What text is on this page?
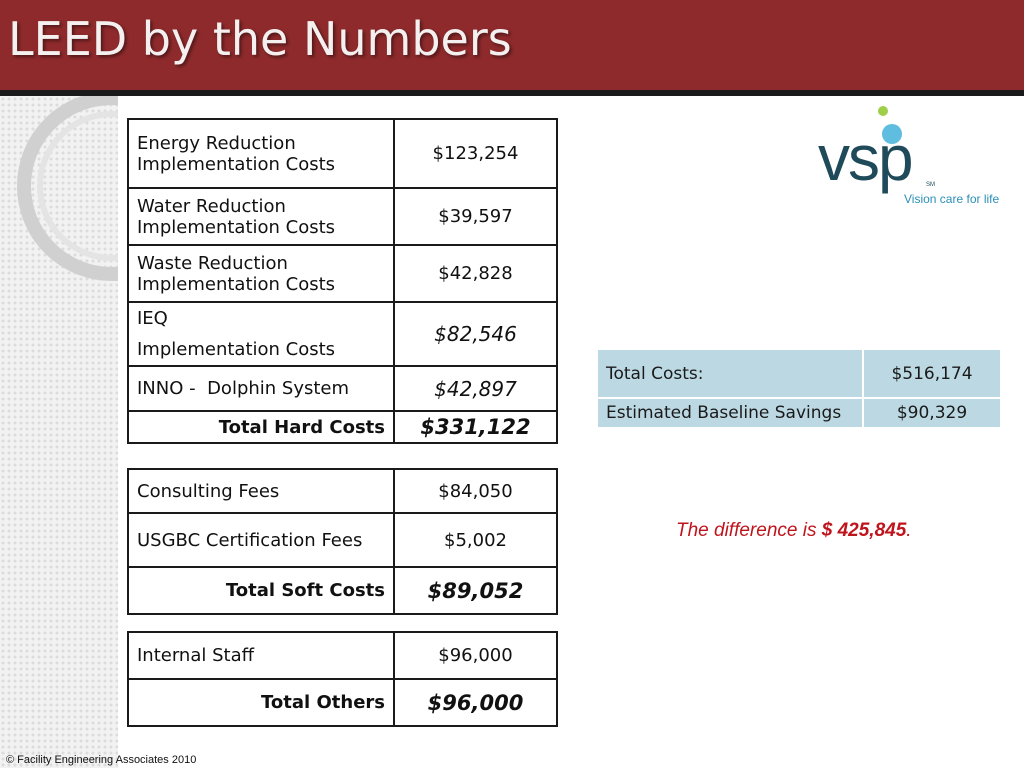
LEED by the Numbers
Energy Reduction Implementation Costs	$123,254
Water Reduction Implementation Costs	$39,597
Waste Reduction Implementation Costs	$42,828

IEQ
Implementation Costs	$82,546
INNO -  Dolphin System	$42,897
Total Hard Costs	$331,122
Consulting Fees	$84,050
USGBC Certification Fees	$5,002
Total Soft Costs	$89,052
Internal Staff	$96,000
Total Others	$96,000
Total Costs:	$516,174
Estimated Baseline Savings	$90,329
The difference is $ 425,845.
vsp SM
Vision care for life
© Facility Engineering Associates 2010
